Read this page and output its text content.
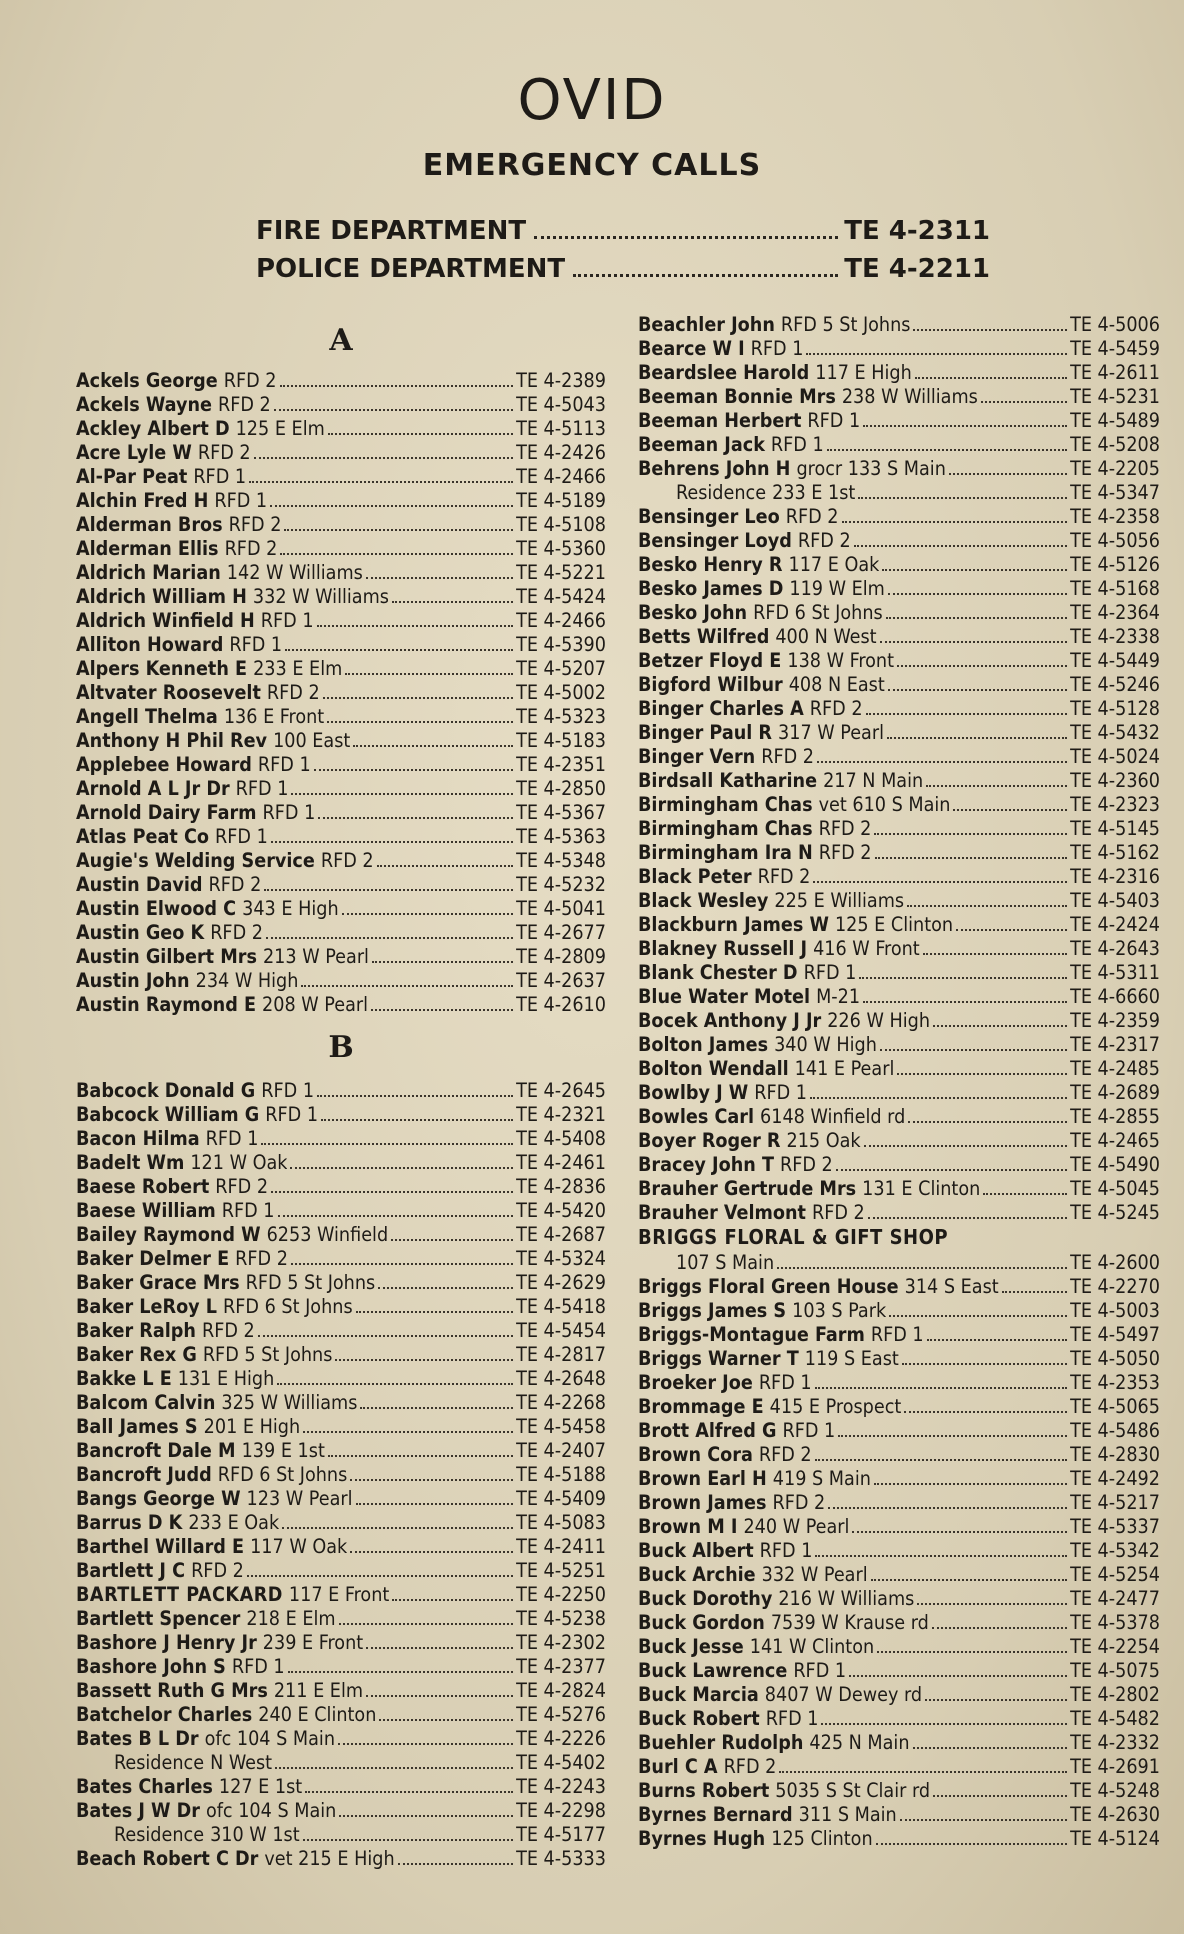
OVID
EMERGENCY CALLS
FIRE DEPARTMENT	TE 4-2311
POLICE DEPARTMENT	TE 4-2211
A
Ackels George RFD 2	TE 4-2389
Ackels Wayne RFD 2	TE 4-5043
Ackley Albert D 125 E Elm	TE 4-5113
Acre Lyle W RFD 2	TE 4-2426
Al-Par Peat RFD 1	TE 4-2466
Alchin Fred H RFD 1	TE 4-5189
Alderman Bros RFD 2	TE 4-5108
Alderman Ellis RFD 2	TE 4-5360
Aldrich Marian 142 W Williams	TE 4-5221
Aldrich William H 332 W Williams	TE 4-5424
Aldrich Winfield H RFD 1	TE 4-2466
Alliton Howard RFD 1	TE 4-5390
Alpers Kenneth E 233 E Elm	TE 4-5207
Altvater Roosevelt RFD 2	TE 4-5002
Angell Thelma 136 E Front	TE 4-5323
Anthony H Phil Rev 100 East	TE 4-5183
Applebee Howard RFD 1	TE 4-2351
Arnold A L Jr Dr RFD 1	TE 4-2850
Arnold Dairy Farm RFD 1	TE 4-5367
Atlas Peat Co RFD 1	TE 4-5363
Augie's Welding Service RFD 2	TE 4-5348
Austin David RFD 2	TE 4-5232
Austin Elwood C 343 E High	TE 4-5041
Austin Geo K RFD 2	TE 4-2677
Austin Gilbert Mrs 213 W Pearl	TE 4-2809
Austin John 234 W High	TE 4-2637
Austin Raymond E 208 W Pearl	TE 4-2610
B
Babcock Donald G RFD 1	TE 4-2645
Babcock William G RFD 1	TE 4-2321
Bacon Hilma RFD 1	TE 4-5408
Badelt Wm 121 W Oak	TE 4-2461
Baese Robert RFD 2	TE 4-2836
Baese William RFD 1	TE 4-5420
Bailey Raymond W 6253 Winfield	TE 4-2687
Baker Delmer E RFD 2	TE 4-5324
Baker Grace Mrs RFD 5 St Johns	TE 4-2629
Baker LeRoy L RFD 6 St Johns	TE 4-5418
Baker Ralph RFD 2	TE 4-5454
Baker Rex G RFD 5 St Johns	TE 4-2817
Bakke L E 131 E High	TE 4-2648
Balcom Calvin 325 W Williams	TE 4-2268
Ball James S 201 E High	TE 4-5458
Bancroft Dale M 139 E 1st	TE 4-2407
Bancroft Judd RFD 6 St Johns	TE 4-5188
Bangs George W 123 W Pearl	TE 4-5409
Barrus D K 233 E Oak	TE 4-5083
Barthel Willard E 117 W Oak	TE 4-2411
Bartlett J C RFD 2	TE 4-5251
BARTLETT PACKARD 117 E Front	TE 4-2250
Bartlett Spencer 218 E Elm	TE 4-5238
Bashore J Henry Jr 239 E Front	TE 4-2302
Bashore John S RFD 1	TE 4-2377
Bassett Ruth G Mrs 211 E Elm	TE 4-2824
Batchelor Charles 240 E Clinton	TE 4-5276
Bates B L Dr ofc 104 S Main	TE 4-2226
Residence N West	TE 4-5402
Bates Charles 127 E 1st	TE 4-2243
Bates J W Dr ofc 104 S Main	TE 4-2298
Residence 310 W 1st	TE 4-5177
Beach Robert C Dr vet 215 E High	TE 4-5333
Beachler John RFD 5 St Johns	TE 4-5006
Bearce W I RFD 1	TE 4-5459
Beardslee Harold 117 E High	TE 4-2611
Beeman Bonnie Mrs 238 W Williams	TE 4-5231
Beeman Herbert RFD 1	TE 4-5489
Beeman Jack RFD 1	TE 4-5208
Behrens John H grocr 133 S Main	TE 4-2205
Residence 233 E 1st	TE 4-5347
Bensinger Leo RFD 2	TE 4-2358
Bensinger Loyd RFD 2	TE 4-5056
Besko Henry R 117 E Oak	TE 4-5126
Besko James D 119 W Elm	TE 4-5168
Besko John RFD 6 St Johns	TE 4-2364
Betts Wilfred 400 N West	TE 4-2338
Betzer Floyd E 138 W Front	TE 4-5449
Bigford Wilbur 408 N East	TE 4-5246
Binger Charles A RFD 2	TE 4-5128
Binger Paul R 317 W Pearl	TE 4-5432
Binger Vern RFD 2	TE 4-5024
Birdsall Katharine 217 N Main	TE 4-2360
Birmingham Chas vet 610 S Main	TE 4-2323
Birmingham Chas RFD 2	TE 4-5145
Birmingham Ira N RFD 2	TE 4-5162
Black Peter RFD 2	TE 4-2316
Black Wesley 225 E Williams	TE 4-5403
Blackburn James W 125 E Clinton	TE 4-2424
Blakney Russell J 416 W Front	TE 4-2643
Blank Chester D RFD 1	TE 4-5311
Blue Water Motel M-21	TE 4-6660
Bocek Anthony J Jr 226 W High	TE 4-2359
Bolton James 340 W High	TE 4-2317
Bolton Wendall 141 E Pearl	TE 4-2485
Bowlby J W RFD 1	TE 4-2689
Bowles Carl 6148 Winfield rd	TE 4-2855
Boyer Roger R 215 Oak	TE 4-2465
Bracey John T RFD 2	TE 4-5490
Brauher Gertrude Mrs 131 E Clinton	TE 4-5045
Brauher Velmont RFD 2	TE 4-5245
BRIGGS FLORAL & GIFT SHOP
107 S Main	TE 4-2600
Briggs Floral Green House 314 S East	TE 4-2270
Briggs James S 103 S Park	TE 4-5003
Briggs-Montague Farm RFD 1	TE 4-5497
Briggs Warner T 119 S East	TE 4-5050
Broeker Joe RFD 1	TE 4-2353
Brommage E 415 E Prospect	TE 4-5065
Brott Alfred G RFD 1	TE 4-5486
Brown Cora RFD 2	TE 4-2830
Brown Earl H 419 S Main	TE 4-2492
Brown James RFD 2	TE 4-5217
Brown M I 240 W Pearl	TE 4-5337
Buck Albert RFD 1	TE 4-5342
Buck Archie 332 W Pearl	TE 4-5254
Buck Dorothy 216 W Williams	TE 4-2477
Buck Gordon 7539 W Krause rd	TE 4-5378
Buck Jesse 141 W Clinton	TE 4-2254
Buck Lawrence RFD 1	TE 4-5075
Buck Marcia 8407 W Dewey rd	TE 4-2802
Buck Robert RFD 1	TE 4-5482
Buehler Rudolph 425 N Main	TE 4-2332
Burl C A RFD 2	TE 4-2691
Burns Robert 5035 S St Clair rd	TE 4-5248
Byrnes Bernard 311 S Main	TE 4-2630
Byrnes Hugh 125 Clinton	TE 4-5124
